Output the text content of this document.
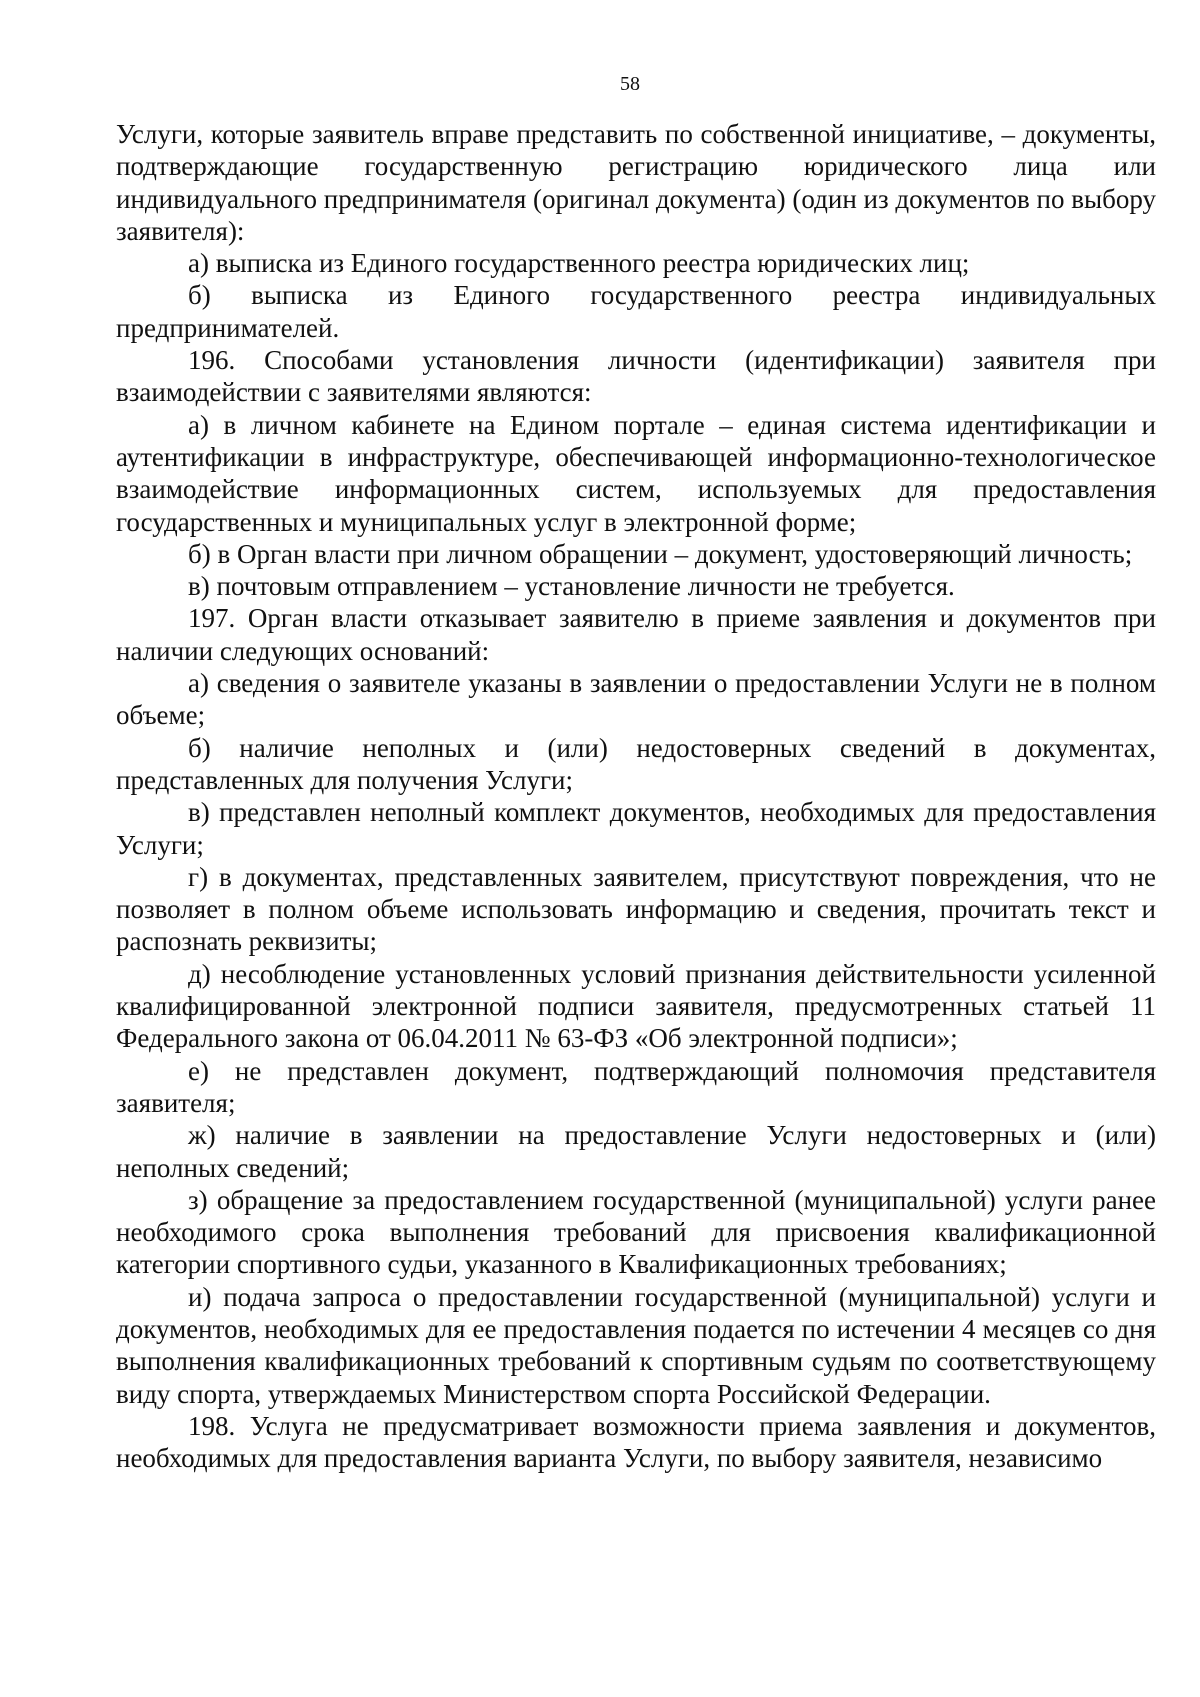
58

Услуги, которые заявитель вправе представить по собственной инициативе, – документы, подтверждающие государственную регистрацию юридического лица или индивидуального предпринимателя (оригинал документа) (один из документов по выбору заявителя):

а) выписка из Единого государственного реестра юридических лиц;

б) выписка из Единого государственного реестра индивидуальных предпринимателей.

196. Способами установления личности (идентификации) заявителя при взаимодействии с заявителями являются:

а) в личном кабинете на Едином портале – единая система идентификации и аутентификации в инфраструктуре, обеспечивающей информационно-технологическое взаимодействие информационных систем, используемых для предоставления государственных и муниципальных услуг в электронной форме;

б) в Орган власти при личном обращении – документ, удостоверяющий личность;

в) почтовым отправлением – установление личности не требуется.

197. Орган власти отказывает заявителю в приеме заявления и документов при наличии следующих оснований:

а) сведения о заявителе указаны в заявлении о предоставлении Услуги не в полном объеме;

б) наличие неполных и (или) недостоверных сведений в документах, представленных для получения Услуги;

в) представлен неполный комплект документов, необходимых для предоставления Услуги;

г) в документах, представленных заявителем, присутствуют повреждения, что не позволяет в полном объеме использовать информацию и сведения, прочитать текст и распознать реквизиты;

д) несоблюдение установленных условий признания действительности усиленной квалифицированной электронной подписи заявителя, предусмотренных статьей 11 Федерального закона от 06.04.2011 № 63-ФЗ «Об электронной подписи»;

е) не представлен документ, подтверждающий полномочия представителя заявителя;

ж) наличие в заявлении на предоставление Услуги недостоверных и (или) неполных сведений;

з) обращение за предоставлением государственной (муниципальной) услуги ранее необходимого срока выполнения требований для присвоения квалификационной категории спортивного судьи, указанного в Квалификационных требованиях;

и) подача запроса о предоставлении государственной (муниципальной) услуги и документов, необходимых для ее предоставления подается по истечении 4 месяцев со дня выполнения квалификационных требований к спортивным судьям по соответствующему виду спорта, утверждаемых Министерством спорта Российской Федерации.

198. Услуга не предусматривает возможности приема заявления и документов, необходимых для предоставления варианта Услуги, по выбору заявителя, независимо
